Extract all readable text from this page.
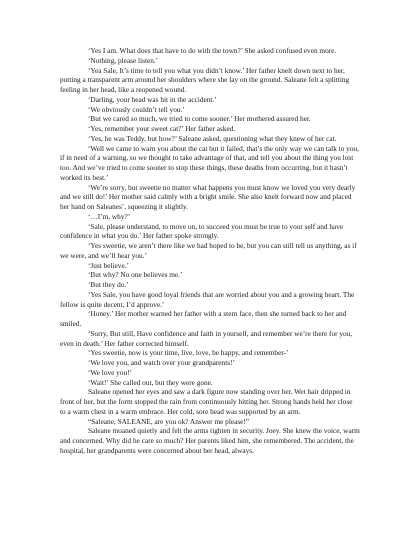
‘Yes I am. What does that have to do with the town?’ She asked confused even more.

‘Nothing, please listen.’

‘Yea Sale, It’s time to tell you what you didn’t know.’ Her father knelt down next to her, putting a transparent arm around her shoulders where she lay on the ground. Saleane felt a splitting feeling in her head, like a reopened wound.

‘Darling, your head was hit in the accident.’

‘We obviously couldn’t tell you.’

‘But we cared so much, we tried to come sooner.’ Her mothered assured her.

‘Yes, remember your sweet cat?’ Her father asked.

‘Yes, he was Teddy, but how?’ Saleane asked, questioning what they knew of her cat.

‘Well we came to warn you about the cat but it failed, that’s the only way we can talk to you, if in need of a warning, so we thought to take advantage of that, and tell you about the thing you lost too. And we’ve tried to come sooner to stop these things, these deaths from occurring, but it hasn’t worked its best.’

‘We’re sorry, but sweetie no matter what happens you must know we loved you very dearly and we still do!’ Her mother said calmly with a bright smile. She also knelt forward now and placed her hand on Saleanes’, squeezing it slightly.

‘…I’m, why?’

‘Sale, please understand, to move on, to succeed you must be true to your self and have confidence in what you do.’ Her father spoke strongly.

‘Yes sweetie, we aren’t there like we had hoped to be, but you can still tell us anything, as if we were, and we’ll hear you.’

‘Just believe.’

‘But why? No one believes me.’

‘But they do.’

‘Yes Sale, you have good loyal friends that are worried about you and a growing heart. The fellow is quite decent, I’d approve.’

‘Honey.’ Her mother warned her father with a stern face, then she turned back to her and smiled.

‘Sorry, But still, Have confidence and faith in yourself, and remember we’re there for you, even in death.’ Her father corrected himself.

‘Yes sweetie, now is your time, live, love, be happy, and remember-’

‘We love you, and watch over your grandparents!’

‘We love you!’

‘Wait!’ She called out, but they were gone.

Saleane opened her eyes and saw a dark figure now standing over her. Wet hair dripped in front of her, but the form stopped the rain from continuously hitting her. Strong hands held her close to a warm chest in a warm embrace. Her cold, sore head was supported by an arm.

“Saleane, SALEANE, are you ok? Answer me please!”

Saleane moaned quietly and felt the arms tighten in security. Joey. She knew the voice, warm and concerned. Why did he care so much? Her parents liked him, she remembered. The accident, the hospital, her grandparents were concerned about her head, always.
